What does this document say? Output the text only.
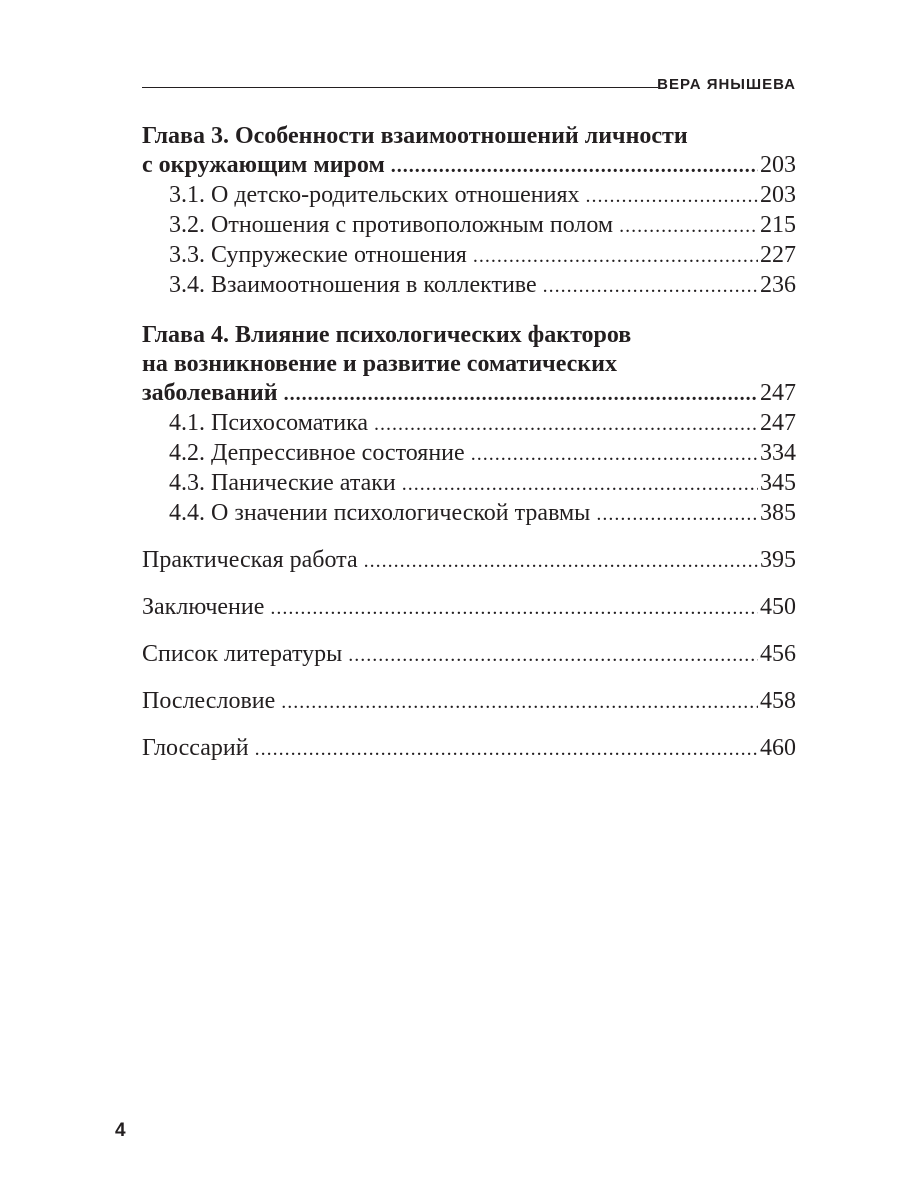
ВЕРА ЯНЫШЕВА
Глава 3. Особенности взаимоотношений личности
с окружающим миром .....	203
3.1. О детско-родительских отношениях .....	203
3.2. Отношения с противоположным полом .....	215
3.3. Супружеские отношения .....	227
3.4. Взаимоотношения в коллективе .....	236
Глава 4. Влияние психологических факторов
на возникновение и развитие соматических
заболеваний .....	247
4.1. Психосоматика .....	247
4.2. Депрессивное состояние .....	334
4.3. Панические атаки .....	345
4.4. О значении психологической травмы .....	385
Практическая работа .....	395
Заключение .....	450
Список литературы .....	456
Послесловие .....	458
Глоссарий .....	460
4
